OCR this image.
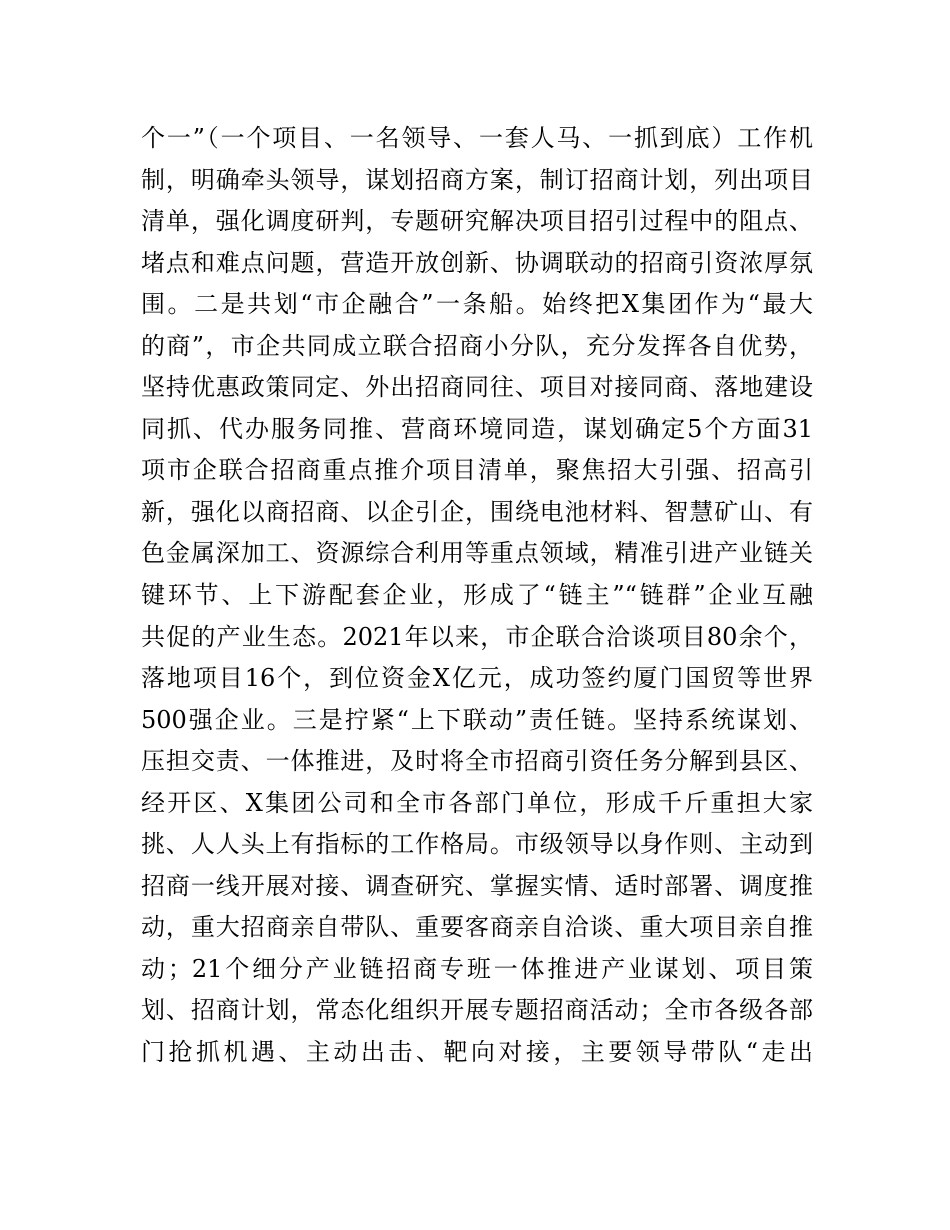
个一”（一个项目、一名领导、一套人马、一抓到底）工作机
制，明确牵头领导，谋划招商方案，制订招商计划，列出项目
清单，强化调度研判，专题研究解决项目招引过程中的阻点、
堵点和难点问题，营造开放创新、协调联动的招商引资浓厚氛
围。二是共划“市企融合”一条船。始终把X集团作为“最大
的商”，市企共同成立联合招商小分队，充分发挥各自优势，
坚持优惠政策同定、外出招商同往、项目对接同商、落地建设
同抓、代办服务同推、营商环境同造，谋划确定5个方面31
项市企联合招商重点推介项目清单，聚焦招大引强、招高引
新，强化以商招商、以企引企，围绕电池材料、智慧矿山、有
色金属深加工、资源综合利用等重点领域，精准引进产业链关
键环节、上下游配套企业，形成了“链主”“链群”企业互融
共促的产业生态。2021年以来，市企联合洽谈项目80余个，
落地项目16个，到位资金X亿元，成功签约厦门国贸等世界
500强企业。三是拧紧“上下联动”责任链。坚持系统谋划、
压担交责、一体推进，及时将全市招商引资任务分解到县区、
经开区、X集团公司和全市各部门单位，形成千斤重担大家
挑、人人头上有指标的工作格局。市级领导以身作则、主动到
招商一线开展对接、调查研究、掌握实情、适时部署、调度推
动，重大招商亲自带队、重要客商亲自洽谈、重大项目亲自推
动；21个细分产业链招商专班一体推进产业谋划、项目策
划、招商计划，常态化组织开展专题招商活动；全市各级各部
门抢抓机遇、主动出击、靶向对接，主要领导带队“走出
